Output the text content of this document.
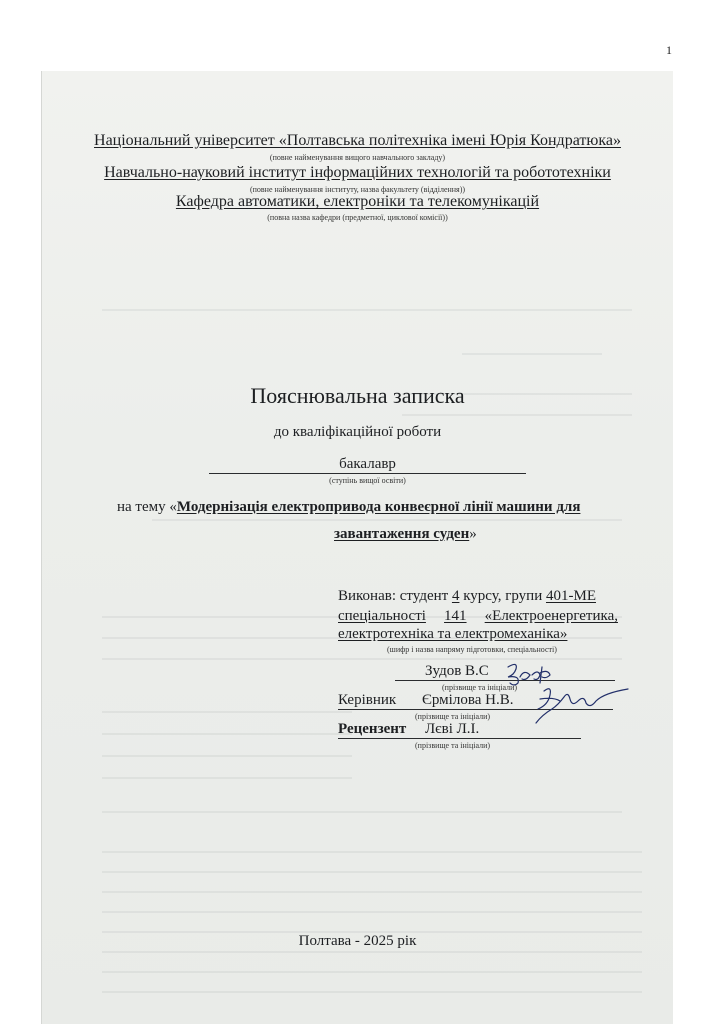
1
Національний університет «Полтавська політехніка імені Юрія Кондратюка»
(повне найменування вищого навчального закладу)
Навчально-науковий інститут інформаційних технологій та робототехніки
(повне найменування інституту, назва факультету (відділення))
Кафедра автоматики, електроніки та телекомунікацій
(повна назва кафедри (предметної, циклової комісії))
Пояснювальна записка
до кваліфікаційної роботи
бакалавр
(ступінь вищої освіти)
на тему «Модернізація електропривода конвеєрної лінії машини для
завантаження суден»
Виконав: студент 4 курсу, групи 401-МЕ
спеціальності 141 «Електроенергетика,
електротехніка та електромеханіка»
(шифр і назва напряму підготовки, спеціальності)
Зудов В.С
(прізвище та ініціали)
Керівник Єрмілова Н.В.
(прізвище та ініціали)
Рецензент Лєві Л.І.
(прізвище та ініціали)
Полтава - 2025 рік
